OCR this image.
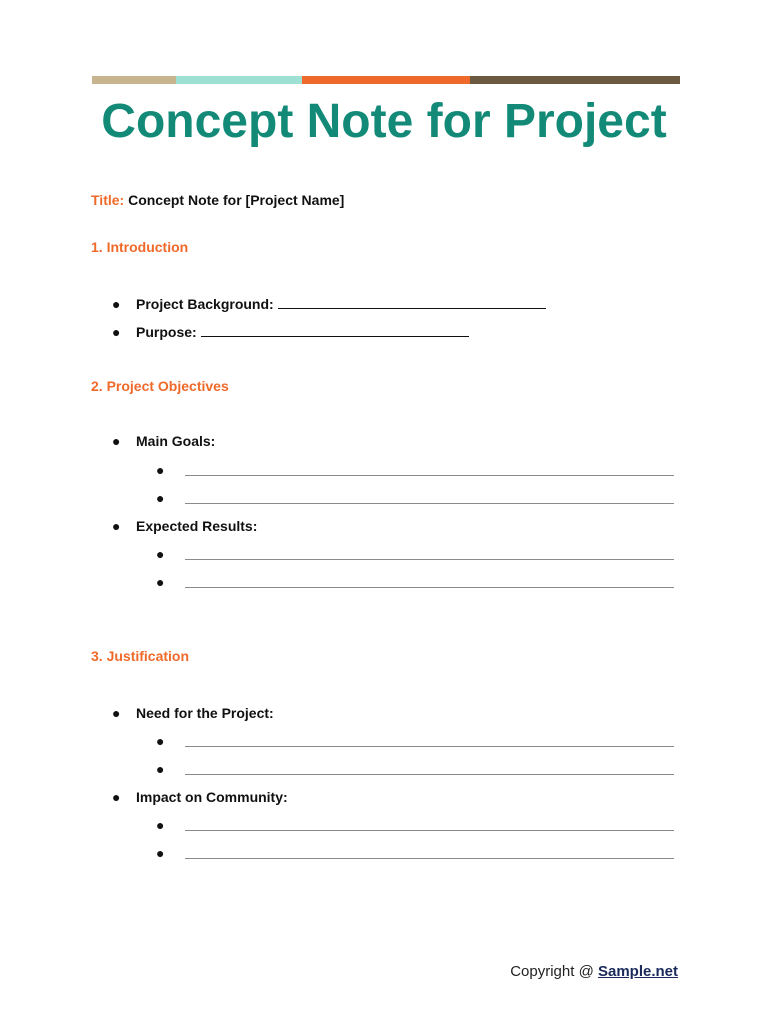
Concept Note for Project
Title: Concept Note for [Project Name]
1. Introduction
● Project Background:
● Purpose:
2. Project Objectives
● Main Goals:
●
●
● Expected Results:
●
●
3. Justification
● Need for the Project:
●
●
● Impact on Community:
●
●
Copyright @ Sample.net
